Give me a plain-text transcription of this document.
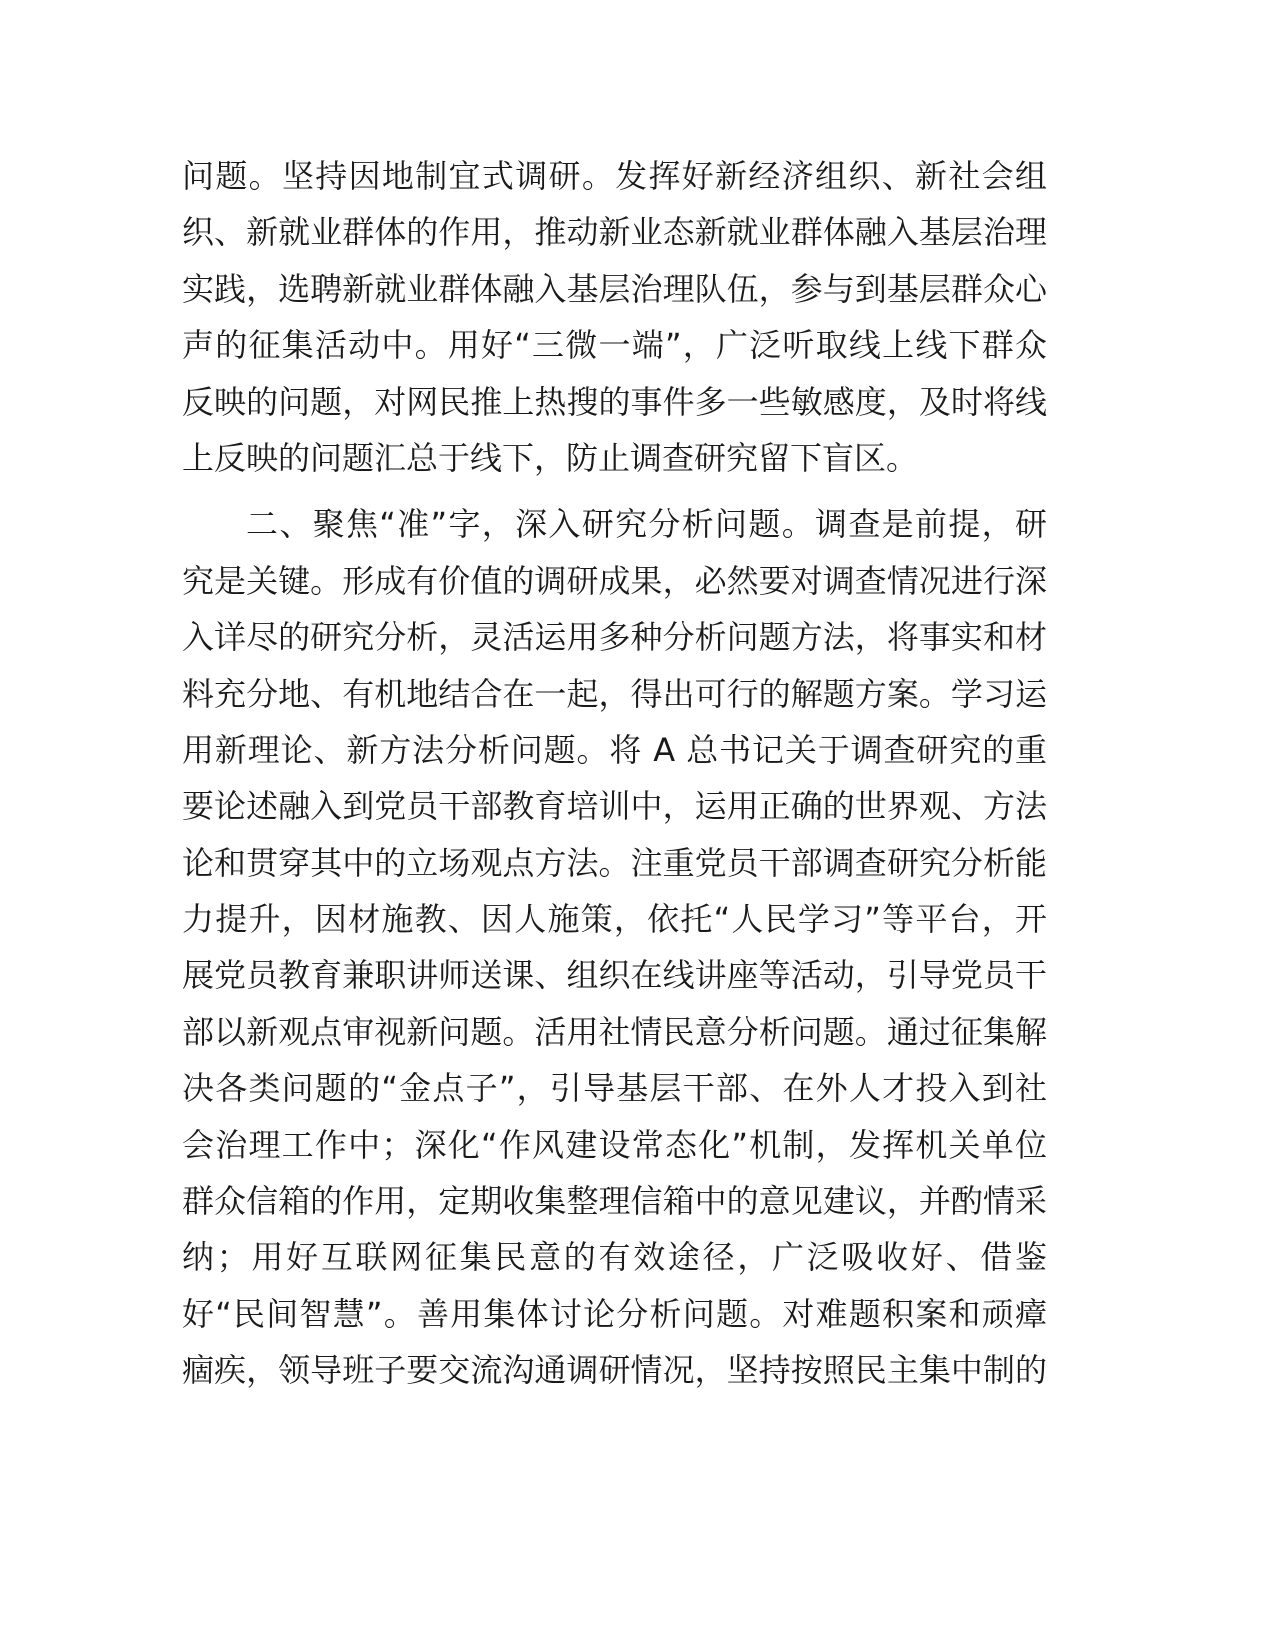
问题。坚持因地制宜式调研。发挥好新经济组织、新社会组
织、新就业群体的作用，推动新业态新就业群体融入基层治理
实践，选聘新就业群体融入基层治理队伍，参与到基层群众心
声的征集活动中。用好“三微一端”，广泛听取线上线下群众
反映的问题，对网民推上热搜的事件多一些敏感度，及时将线
上反映的问题汇总于线下，防止调查研究留下盲区。
二、聚焦“准”字，深入研究分析问题。调查是前提，研
究是关键。形成有价值的调研成果，必然要对调查情况进行深
入详尽的研究分析，灵活运用多种分析问题方法，将事实和材
料充分地、有机地结合在一起，得出可行的解题方案。学习运
用新理论、新方法分析问题。将 A 总书记关于调查研究的重
要论述融入到党员干部教育培训中，运用正确的世界观、方法
论和贯穿其中的立场观点方法。注重党员干部调查研究分析能
力提升，因材施教、因人施策，依托“人民学习”等平台，开
展党员教育兼职讲师送课、组织在线讲座等活动，引导党员干
部以新观点审视新问题。活用社情民意分析问题。通过征集解
决各类问题的“金点子”，引导基层干部、在外人才投入到社
会治理工作中；深化“作风建设常态化”机制，发挥机关单位
群众信箱的作用，定期收集整理信箱中的意见建议，并酌情采
纳；用好互联网征集民意的有效途径，广泛吸收好、借鉴
好“民间智慧”。善用集体讨论分析问题。对难题积案和顽瘴
痼疾，领导班子要交流沟通调研情况，坚持按照民主集中制的
